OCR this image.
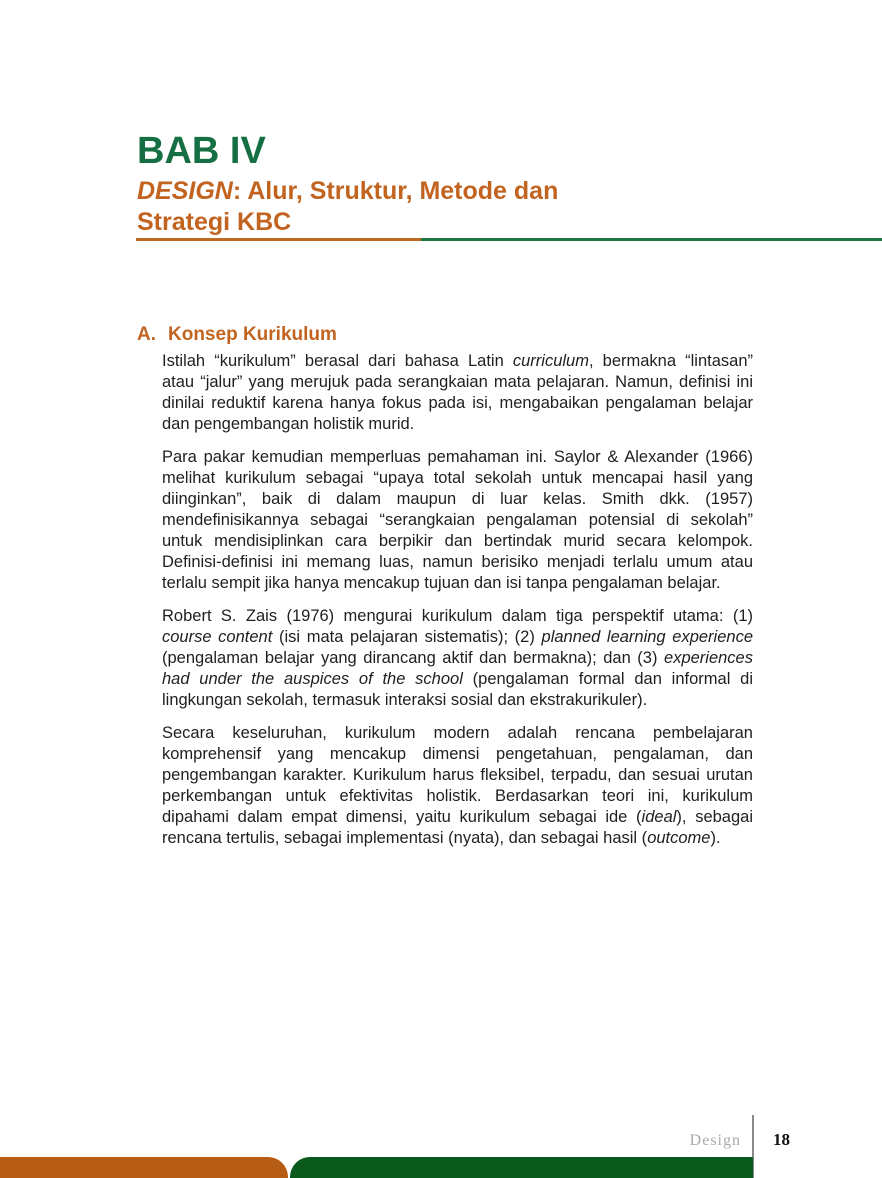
BAB IV
DESIGN: Alur, Struktur, Metode dan
Strategi KBC
A. Konsep Kurikulum

Istilah “kurikulum” berasal dari bahasa Latin curriculum, bermakna “lintasan” atau “jalur” yang merujuk pada serangkaian mata pelajaran. Namun, definisi ini dinilai reduktif karena hanya fokus pada isi, mengabaikan pengalaman belajar dan pengembangan holistik murid.

Para pakar kemudian memperluas pemahaman ini. Saylor & Alexander (1966) melihat kurikulum sebagai “upaya total sekolah untuk mencapai hasil yang diinginkan”, baik di dalam maupun di luar kelas. Smith dkk. (1957) mendefinisikannya sebagai “serangkaian pengalaman potensial di sekolah” untuk mendisiplinkan cara berpikir dan bertindak murid secara kelompok. Definisi-definisi ini memang luas, namun berisiko menjadi terlalu umum atau terlalu sempit jika hanya mencakup tujuan dan isi tanpa pengalaman belajar.

Robert S. Zais (1976) mengurai kurikulum dalam tiga perspektif utama: (1) course content (isi mata pelajaran sistematis); (2) planned learning experience (pengalaman belajar yang dirancang aktif dan bermakna); dan (3) experiences had under the auspices of the school (pengalaman formal dan informal di lingkungan sekolah, termasuk interaksi sosial dan ekstrakurikuler).

Secara keseluruhan, kurikulum modern adalah rencana pembelajaran komprehensif yang mencakup dimensi pengetahuan, pengalaman, dan pengembangan karakter. Kurikulum harus fleksibel, terpadu, dan sesuai urutan perkembangan untuk efektivitas holistik. Berdasarkan teori ini, kurikulum dipahami dalam empat dimensi, yaitu kurikulum sebagai ide (ideal), sebagai rencana tertulis, sebagai implementasi (nyata), dan sebagai hasil (outcome).

Design 18
